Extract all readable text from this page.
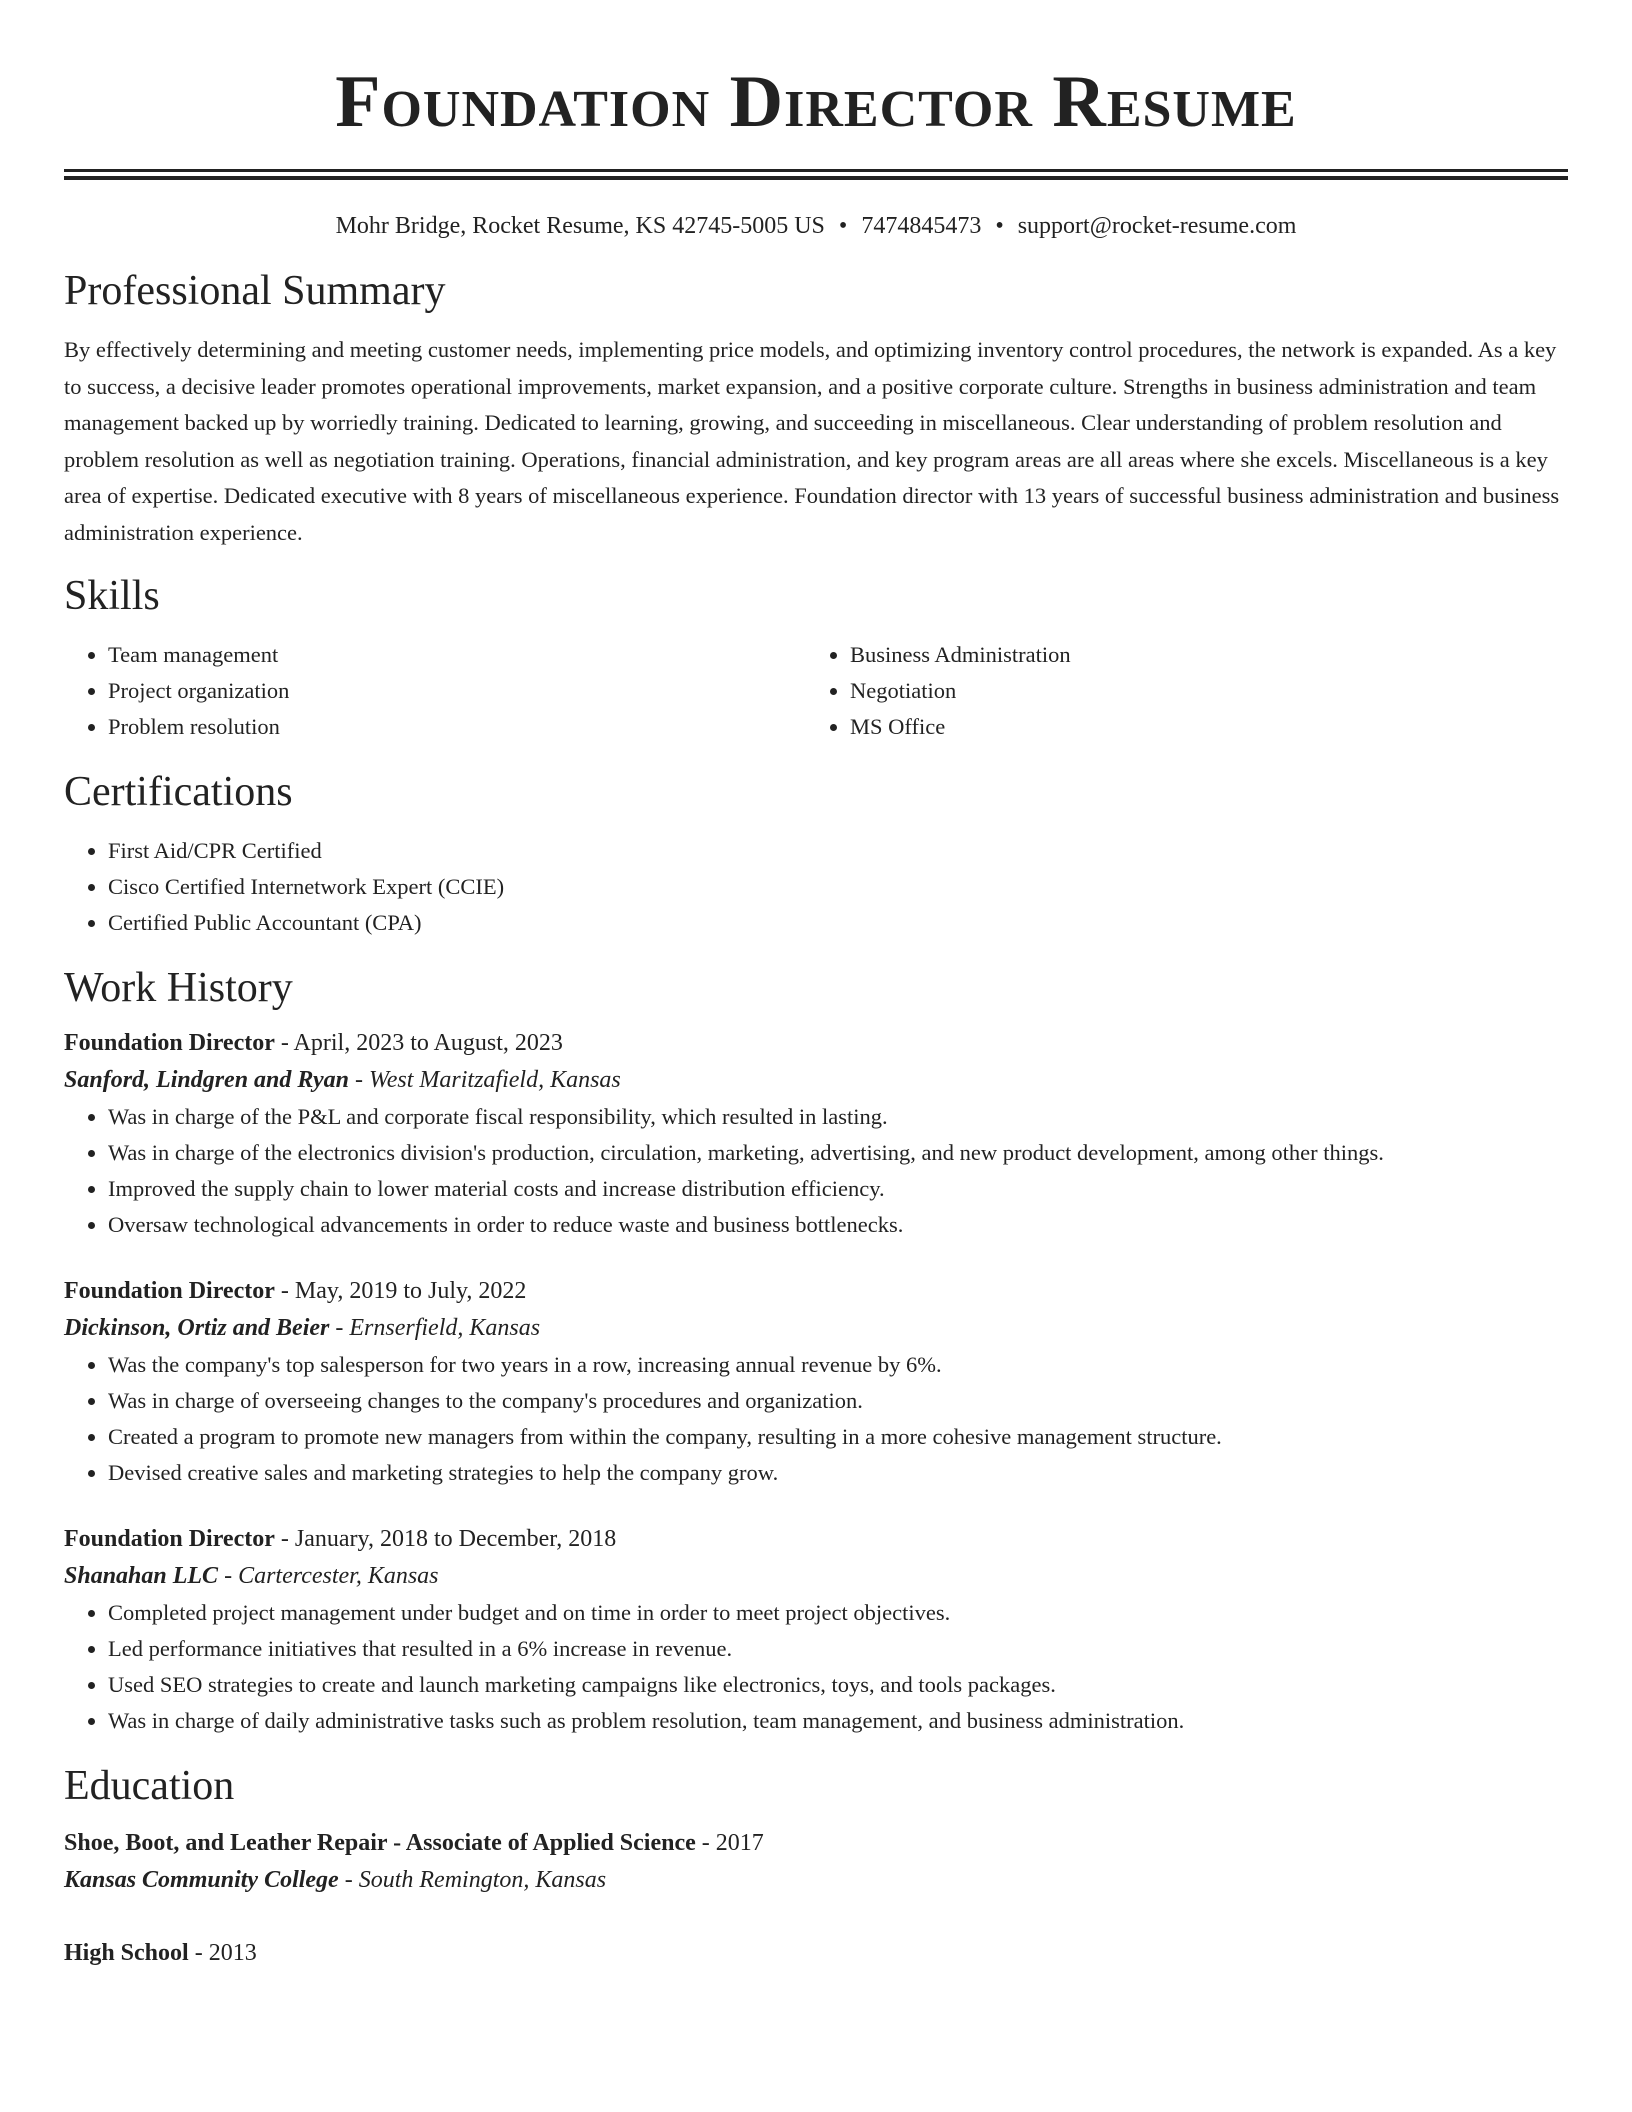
Foundation Director Resume
Mohr Bridge, Rocket Resume, KS 42745-5005 US • 7474845473 • support@rocket-resume.com
Professional Summary

By effectively determining and meeting customer needs, implementing price models, and optimizing inventory control procedures, the network is expanded. As a key to success, a decisive leader promotes operational improvements, market expansion, and a positive corporate culture. Strengths in business administration and team management backed up by worriedly training. Dedicated to learning, growing, and succeeding in miscellaneous. Clear understanding of problem resolution and problem resolution as well as negotiation training. Operations, financial administration, and key program areas are all areas where she excels. Miscellaneous is a key area of expertise. Dedicated executive with 8 years of miscellaneous experience. Foundation director with 13 years of successful business administration and business administration experience.

Skills
• Team management
• Project organization
• Problem resolution
• Business Administration
• Negotiation
• MS Office
Certifications
• First Aid/CPR Certified
• Cisco Certified Internetwork Expert (CCIE)
• Certified Public Accountant (CPA)
Work History
Foundation Director - April, 2023 to August, 2023
Sanford, Lindgren and Ryan - West Maritzafield, Kansas
• Was in charge of the P&L and corporate fiscal responsibility, which resulted in lasting.
• Was in charge of the electronics division's production, circulation, marketing, advertising, and new product development, among other things.
• Improved the supply chain to lower material costs and increase distribution efficiency.
• Oversaw technological advancements in order to reduce waste and business bottlenecks.
Foundation Director - May, 2019 to July, 2022
Dickinson, Ortiz and Beier - Ernserfield, Kansas
• Was the company's top salesperson for two years in a row, increasing annual revenue by 6%.
• Was in charge of overseeing changes to the company's procedures and organization.
• Created a program to promote new managers from within the company, resulting in a more cohesive management structure.
• Devised creative sales and marketing strategies to help the company grow.
Foundation Director - January, 2018 to December, 2018
Shanahan LLC - Cartercester, Kansas
• Completed project management under budget and on time in order to meet project objectives.
• Led performance initiatives that resulted in a 6% increase in revenue.
• Used SEO strategies to create and launch marketing campaigns like electronics, toys, and tools packages.
• Was in charge of daily administrative tasks such as problem resolution, team management, and business administration.
Education
Shoe, Boot, and Leather Repair - Associate of Applied Science - 2017
Kansas Community College - South Remington, Kansas
High School - 2013
